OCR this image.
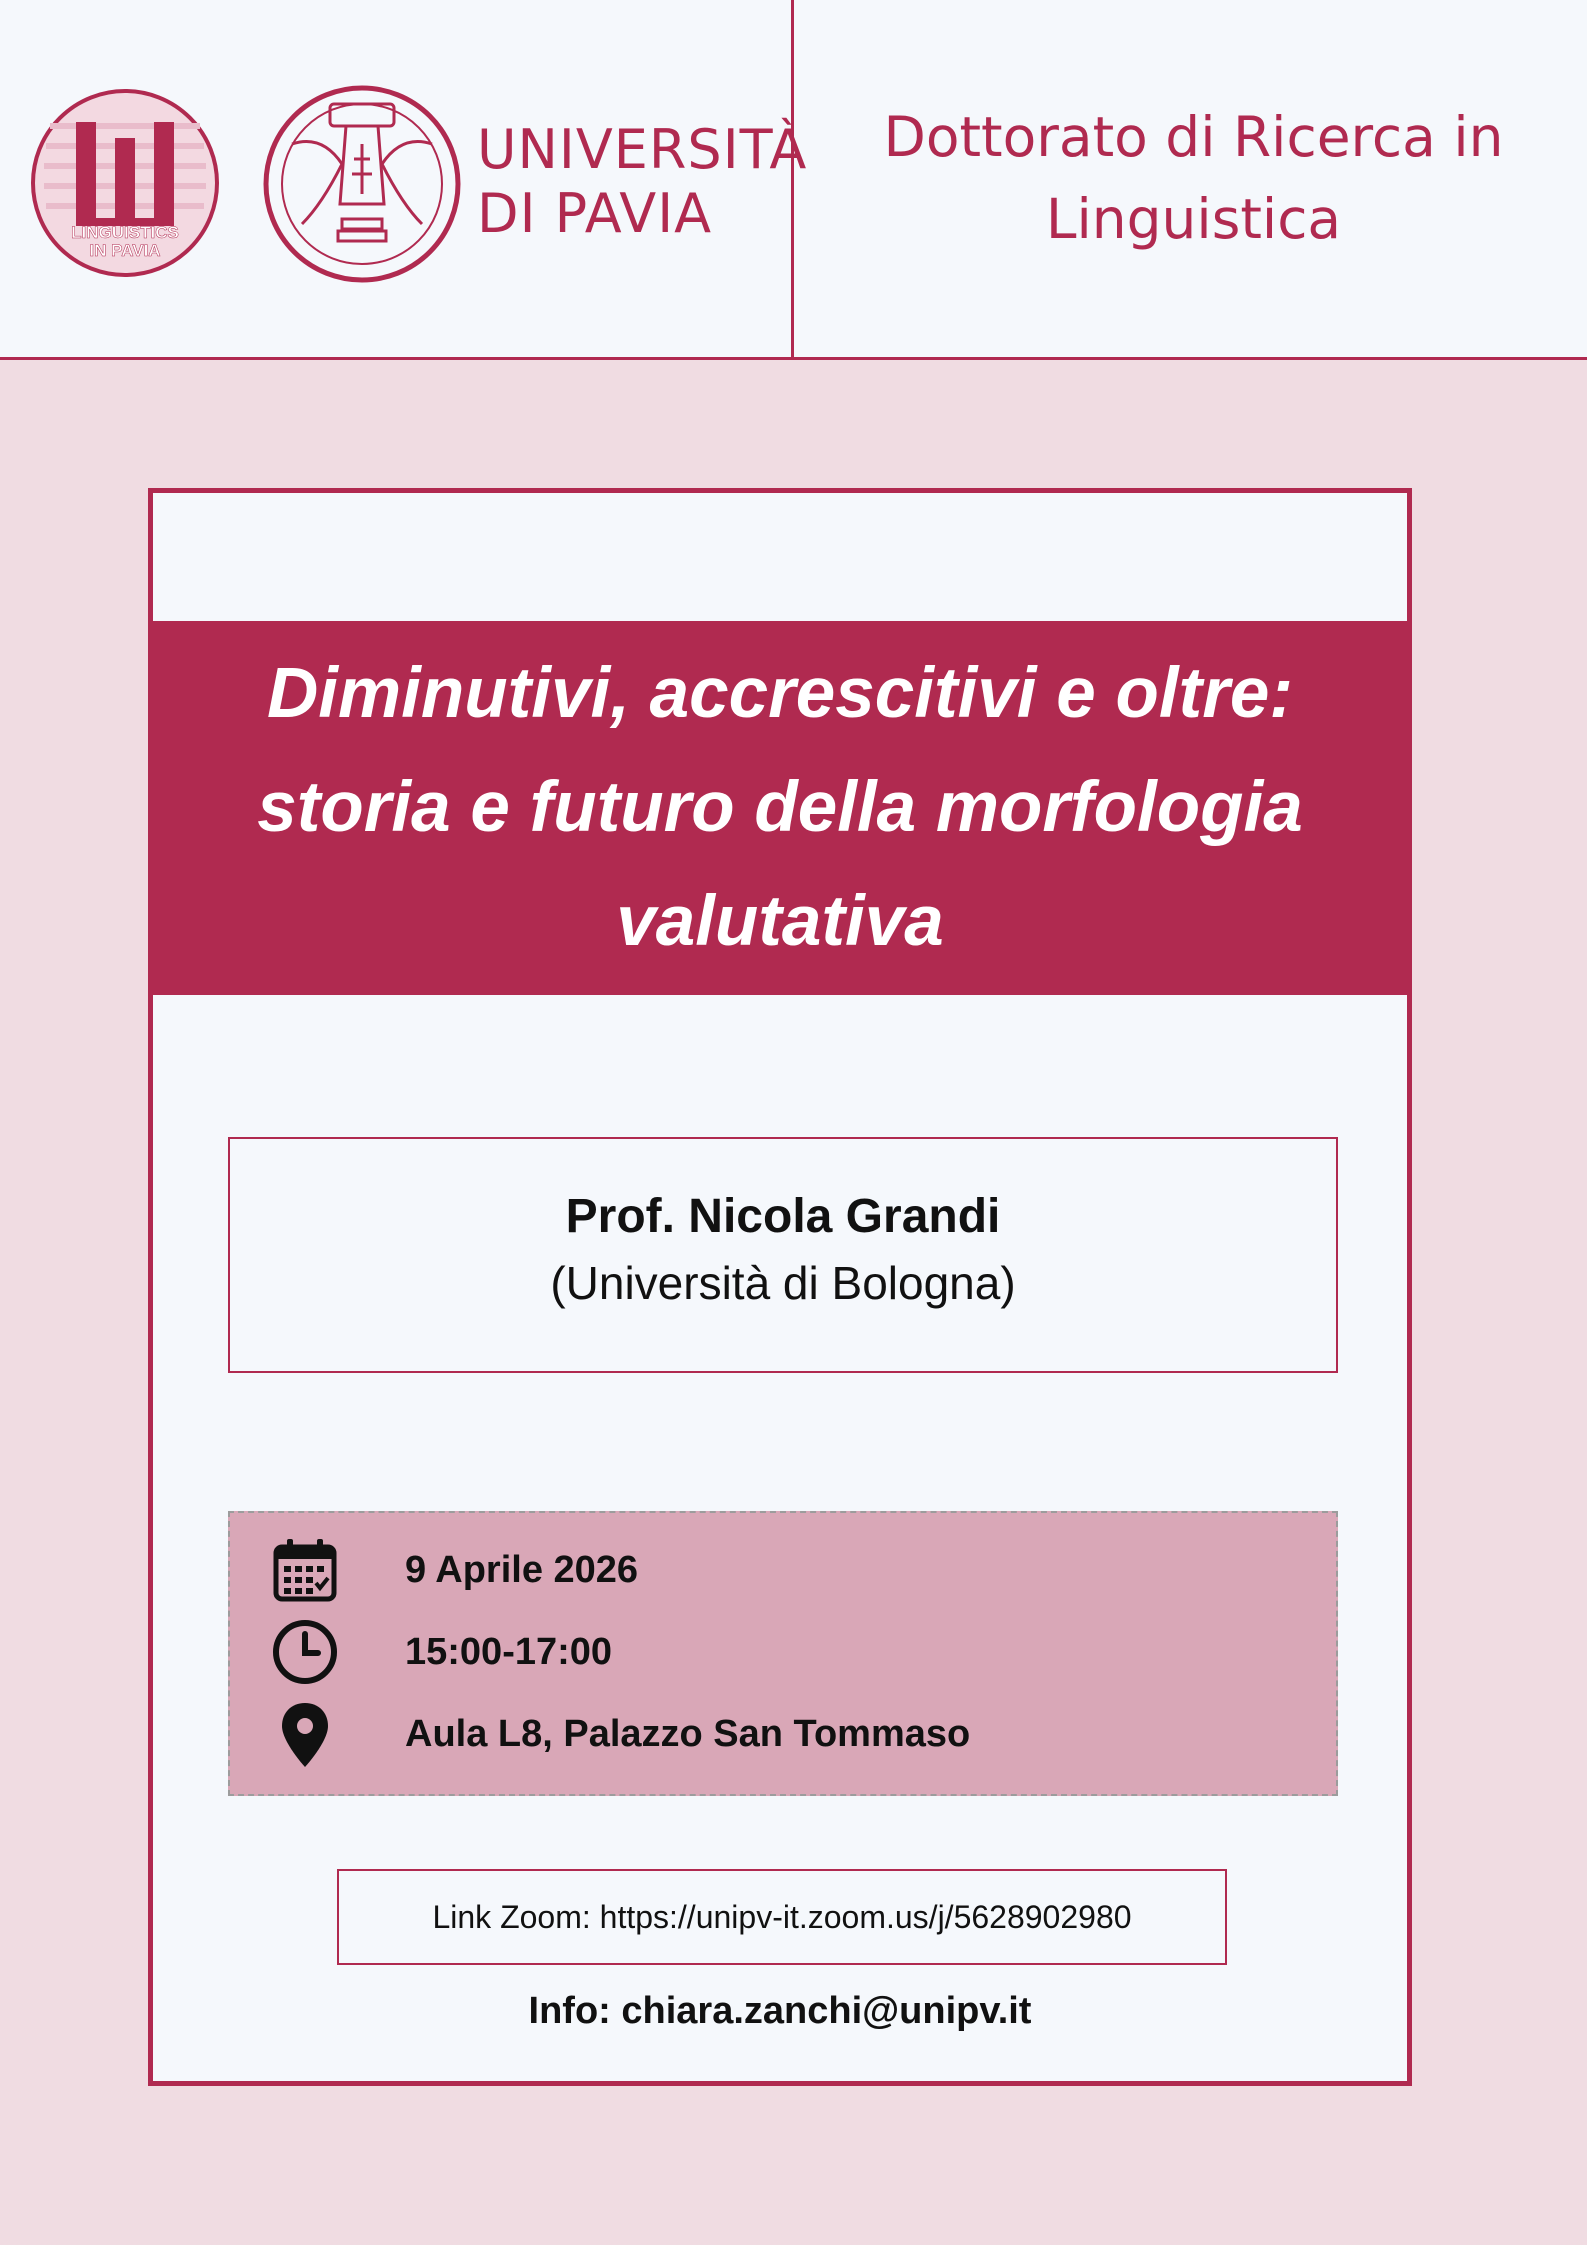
LINGUISTICS
IN PAVIA
UNIVERSITÀ
DI PAVIA
Dottorato di Ricerca in
Linguistica
Diminutivi, accrescitivi e oltre:
storia e futuro della morfologia
valutativa
Prof. Nicola Grandi
(Università di Bologna)
9 Aprile 2026
15:00-17:00
Aula L8, Palazzo San Tommaso
Link Zoom: https://unipv-it.zoom.us/j/5628902980
Info: chiara.zanchi@unipv.it
